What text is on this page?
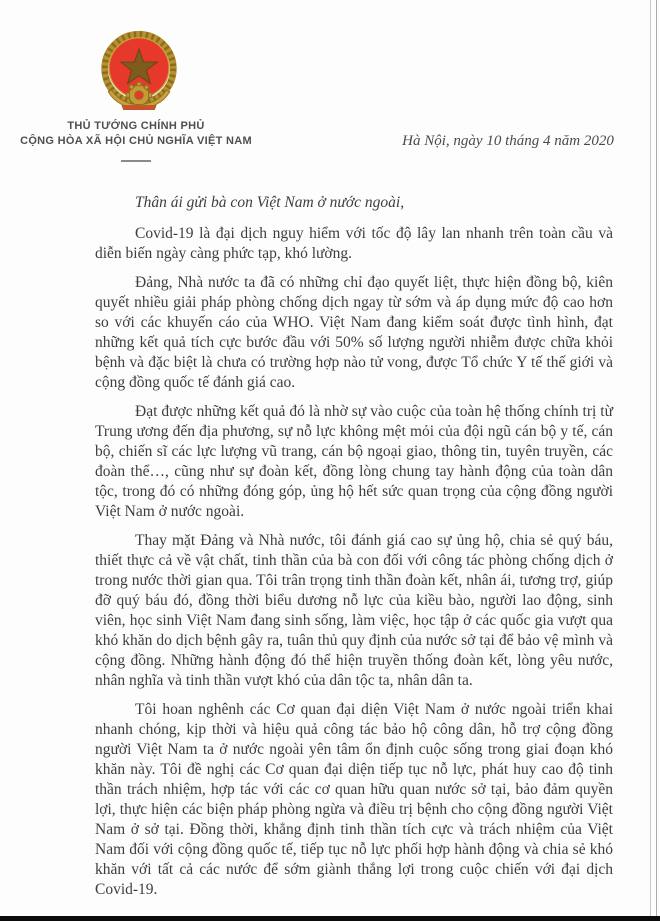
THỦ TƯỚNG CHÍNH PHỦ
CỘNG HÒA XÃ HỘI CHỦ NGHĨA VIỆT NAM	Hà Nội, ngày 10 tháng 4 năm 2020

Thân ái gửi bà con Việt Nam ở nước ngoài,

Covid-19 là đại dịch nguy hiểm với tốc độ lây lan nhanh trên toàn cầu và diễn biến ngày càng phức tạp, khó lường.

Đảng, Nhà nước ta đã có những chỉ đạo quyết liệt, thực hiện đồng bộ, kiên quyết nhiều giải pháp phòng chống dịch ngay từ sớm và áp dụng mức độ cao hơn so với các khuyến cáo của WHO. Việt Nam đang kiểm soát được tình hình, đạt những kết quả tích cực bước đầu với 50% số lượng người nhiễm được chữa khỏi bệnh và đặc biệt là chưa có trường hợp nào tử vong, được Tổ chức Y tế thế giới và cộng đồng quốc tế đánh giá cao.

Đạt được những kết quả đó là nhờ sự vào cuộc của toàn hệ thống chính trị từ Trung ương đến địa phương, sự nỗ lực không mệt mỏi của đội ngũ cán bộ y tế, cán bộ, chiến sĩ các lực lượng vũ trang, cán bộ ngoại giao, thông tin, tuyên truyền, các đoàn thể…, cũng như sự đoàn kết, đồng lòng chung tay hành động của toàn dân tộc, trong đó có những đóng góp, ủng hộ hết sức quan trọng của cộng đồng người Việt Nam ở nước ngoài.

Thay mặt Đảng và Nhà nước, tôi đánh giá cao sự ủng hộ, chia sẻ quý báu, thiết thực cả về vật chất, tinh thần của bà con đối với công tác phòng chống dịch ở trong nước thời gian qua. Tôi trân trọng tinh thần đoàn kết, nhân ái, tương trợ, giúp đỡ quý báu đó, đồng thời biểu dương nỗ lực của kiều bào, người lao động, sinh viên, học sinh Việt Nam đang sinh sống, làm việc, học tập ở các quốc gia vượt qua khó khăn do dịch bệnh gây ra, tuân thủ quy định của nước sở tại để bảo vệ mình và cộng đồng. Những hành động đó thể hiện truyền thống đoàn kết, lòng yêu nước, nhân nghĩa và tinh thần vượt khó của dân tộc ta, nhân dân ta.

Tôi hoan nghênh các Cơ quan đại diện Việt Nam ở nước ngoài triển khai nhanh chóng, kịp thời và hiệu quả công tác bảo hộ công dân, hỗ trợ cộng đồng người Việt Nam ta ở nước ngoài yên tâm ổn định cuộc sống trong giai đoạn khó khăn này. Tôi đề nghị các Cơ quan đại diện tiếp tục nỗ lực, phát huy cao độ tinh thần trách nhiệm, hợp tác với các cơ quan hữu quan nước sở tại, bảo đảm quyền lợi, thực hiện các biện pháp phòng ngừa và điều trị bệnh cho cộng đồng người Việt Nam ở sở tại. Đồng thời, khẳng định tinh thần tích cực và trách nhiệm của Việt Nam đối với cộng đồng quốc tế, tiếp tục nỗ lực phối hợp hành động và chia sẻ khó khăn với tất cả các nước để sớm giành thắng lợi trong cuộc chiến với đại dịch Covid-19.
